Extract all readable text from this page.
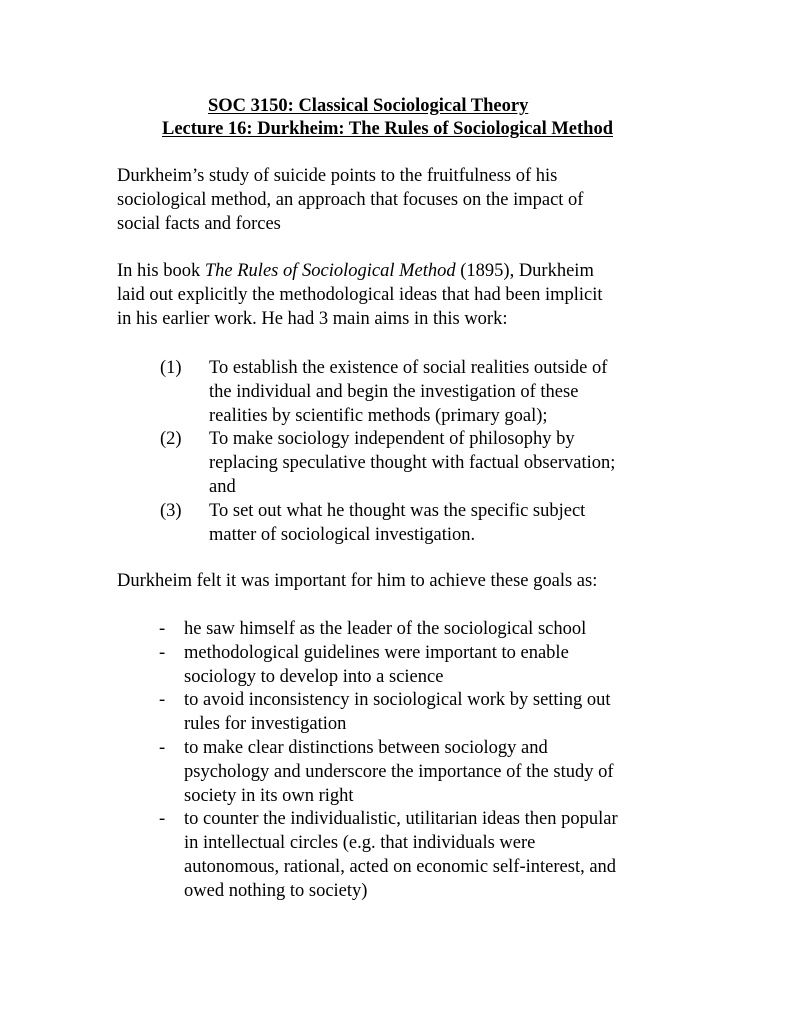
SOC 3150: Classical Sociological Theory
Lecture 16: Durkheim: The Rules of Sociological Method
Durkheim’s study of suicide points to the fruitfulness of his
sociological method, an approach that focuses on the impact of
social facts and forces
In his book The Rules of Sociological Method (1895), Durkheim
laid out explicitly the methodological ideas that had been implicit
in his earlier work. He had 3 main aims in this work:
(1) To establish the existence of social realities outside of
the individual and begin the investigation of these
realities by scientific methods (primary goal);
(2) To make sociology independent of philosophy by
replacing speculative thought with factual observation;
and
(3) To set out what he thought was the specific subject
matter of sociological investigation.
Durkheim felt it was important for him to achieve these goals as:
- he saw himself as the leader of the sociological school
- methodological guidelines were important to enable
sociology to develop into a science
- to avoid inconsistency in sociological work by setting out
rules for investigation
- to make clear distinctions between sociology and
psychology and underscore the importance of the study of
society in its own right
- to counter the individualistic, utilitarian ideas then popular
in intellectual circles (e.g. that individuals were
autonomous, rational, acted on economic self-interest, and
owed nothing to society)
